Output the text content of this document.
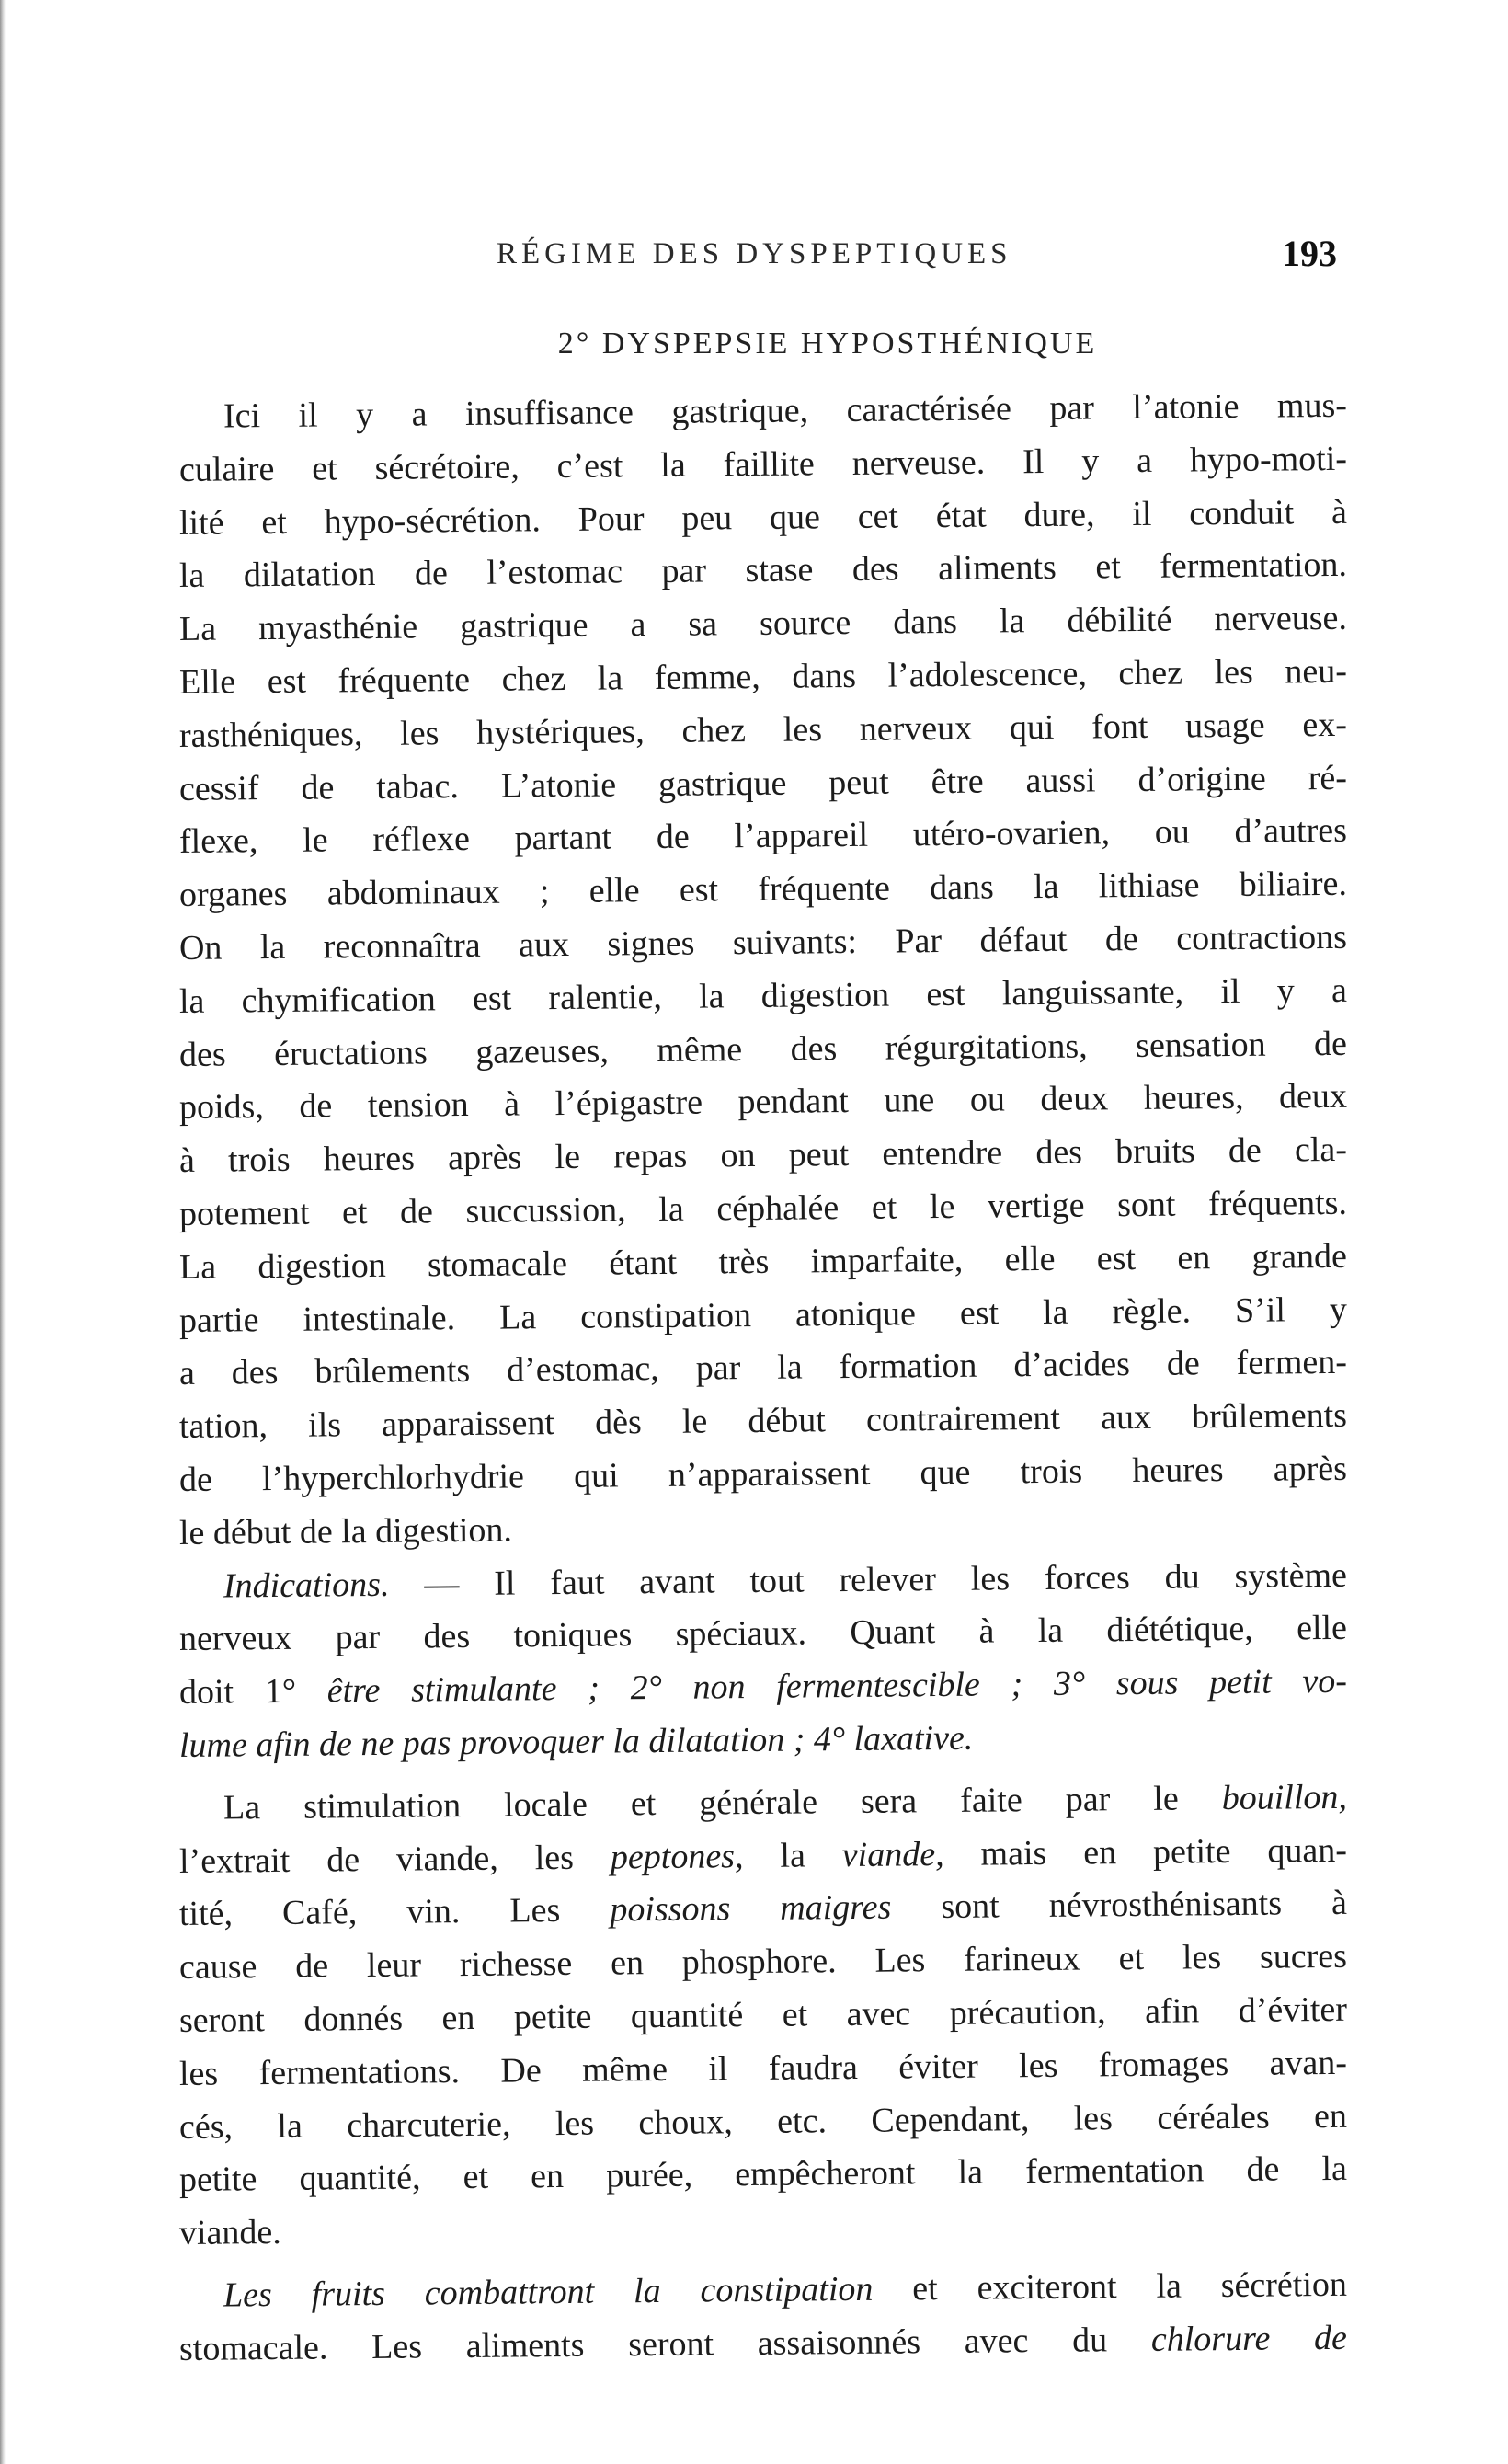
RÉGIME DES DYSPEPTIQUES	193
2° DYSPEPSIE HYPOSTHÉNIQUE
Ici il y a insuffisance gastrique, caractérisée par l’atonie mus-
culaire et sécrétoire, c’est la faillite nerveuse. Il y a hypo-moti-
lité et hypo-sécrétion. Pour peu que cet état dure, il conduit à
la dilatation de l’estomac par stase des aliments et fermentation.
La myasthénie gastrique a sa source dans la débilité nerveuse.
Elle est fréquente chez la femme, dans l’adolescence, chez les neu-
rasthéniques, les hystériques, chez les nerveux qui font usage ex-
cessif de tabac. L’atonie gastrique peut être aussi d’origine ré-
flexe, le réflexe partant de l’appareil utéro-ovarien, ou d’autres
organes abdominaux ; elle est fréquente dans la lithiase biliaire.
On la reconnaîtra aux signes suivants: Par défaut de contractions
la chymification est ralentie, la digestion est languissante, il y a
des éructations gazeuses, même des régurgitations, sensation de
poids, de tension à l’épigastre pendant une ou deux heures, deux
à trois heures après le repas on peut entendre des bruits de cla-
potement et de succussion, la céphalée et le vertige sont fréquents.
La digestion stomacale étant très imparfaite, elle est en grande
partie intestinale. La constipation atonique est la règle. S’il y
a des brûlements d’estomac, par la formation d’acides de fermen-
tation, ils apparaissent dès le début contrairement aux brûlements
de l’hyperchlorhydrie qui n’apparaissent que trois heures après
le début de la digestion.
Indications. — Il faut avant tout relever les forces du système
nerveux par des toniques spéciaux. Quant à la diététique, elle
doit 1° être stimulante ; 2° non fermentescible ; 3° sous petit vo-
lume afin de ne pas provoquer la dilatation ; 4° laxative.
La stimulation locale et générale sera faite par le bouillon,
l’extrait de viande, les peptones, la viande, mais en petite quan-
tité, Café, vin. Les poissons maigres sont névrosthénisants à
cause de leur richesse en phosphore. Les farineux et les sucres
seront donnés en petite quantité et avec précaution, afin d’éviter
les fermentations. De même il faudra éviter les fromages avan-
cés, la charcuterie, les choux, etc. Cependant, les céréales en
petite quantité, et en purée, empêcheront la fermentation de la
viande.
Les fruits combattront la constipation et exciteront la sécrétion
stomacale. Les aliments seront assaisonnés avec du chlorure de
